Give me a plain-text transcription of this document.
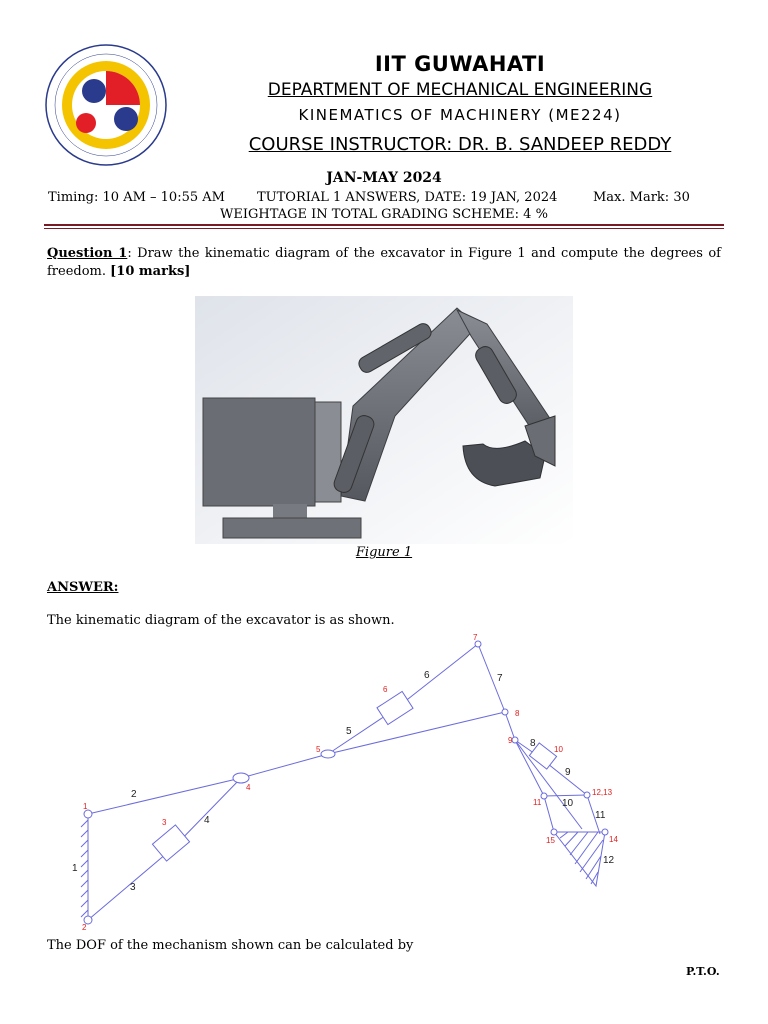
IIT GUWAHATI
DEPARTMENT OF MECHANICAL ENGINEERING
KINEMATICS OF MACHINERY (ME224)
COURSE INSTRUCTOR: DR. B. SANDEEP REDDY
JAN-MAY 2024
Timing: 10 AM – 10:55 AM TUTORIAL 1 ANSWERS, DATE: 19 JAN, 2024	Max. Mark: 30
WEIGHTAGE IN TOTAL GRADING SCHEME: 4 %
Question 1: Draw the kinematic diagram of the excavator in Figure 1 and compute the degrees of freedom. [10 marks]
Figure 1
ANSWER:
The kinematic diagram of the excavator is as shown.
1
2
3
4
5
6
7
8
9
10
11
12,13
14
15
1
2
3
4
5
6	7
8
9
10
11
12
The DOF of the mechanism shown can be calculated by
P.T.O.
